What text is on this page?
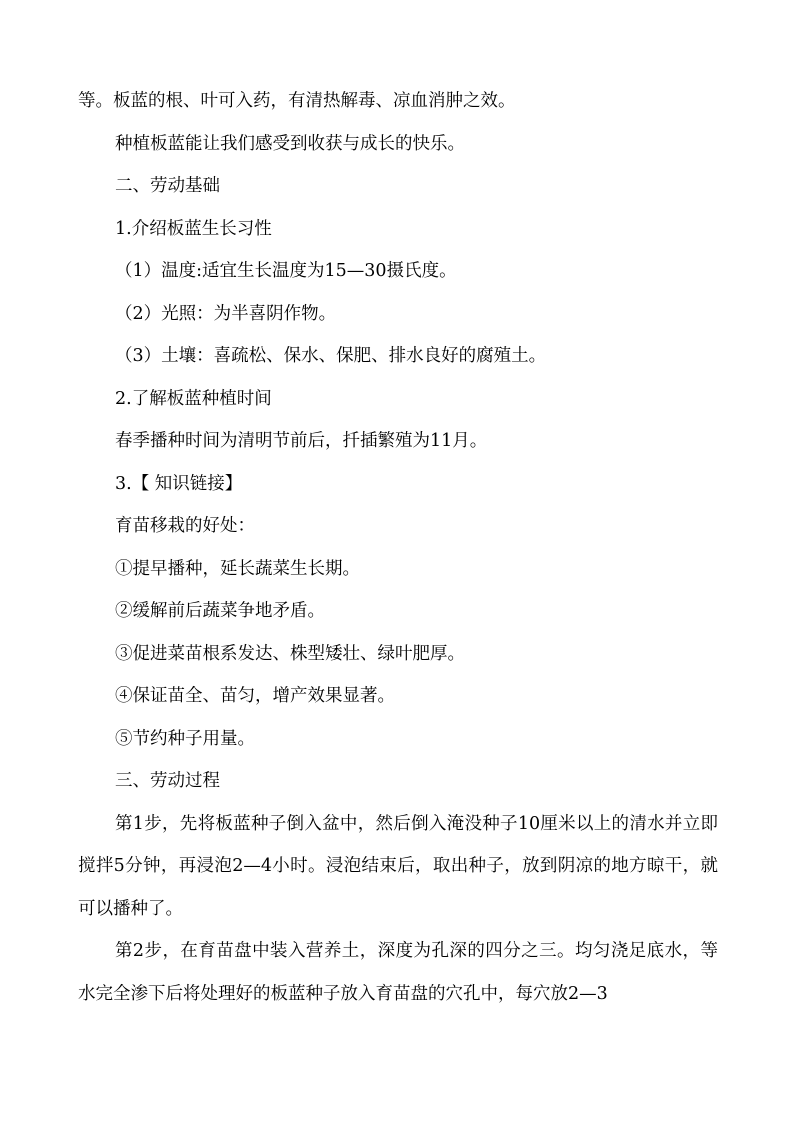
等。板蓝的根、叶可入药，有清热解毒、凉血消肿之效。

种植板蓝能让我们感受到收获与成长的快乐。

二、劳动基础

1.介绍板蓝生长习性

（1）温度:适宜生长温度为15—30摄氏度。

（2）光照：为半喜阴作物。

（3）土壤：喜疏松、保水、保肥、排水良好的腐殖土。

2.了解板蓝种植时间

春季播种时间为清明节前后，扦插繁殖为11月。

3.【 知识链接】

育苗移栽的好处：

①提早播种，延长蔬菜生长期。

②缓解前后蔬菜争地矛盾。

③促进菜苗根系发达、株型矮壮、绿叶肥厚。

④保证苗全、苗匀，增产效果显著。

⑤节约种子用量。

三、劳动过程

第1步，先将板蓝种子倒入盆中，然后倒入淹没种子10厘米以上的清水并立即搅拌5分钟，再浸泡2—4小时。浸泡结束后，取出种子，放到阴凉的地方晾干，就可以播种了。

第2步，在育苗盘中装入营养土，深度为孔深的四分之三。均匀浇足底水，等水完全渗下后将处理好的板蓝种子放入育苗盘的穴孔中，每穴放2—3
